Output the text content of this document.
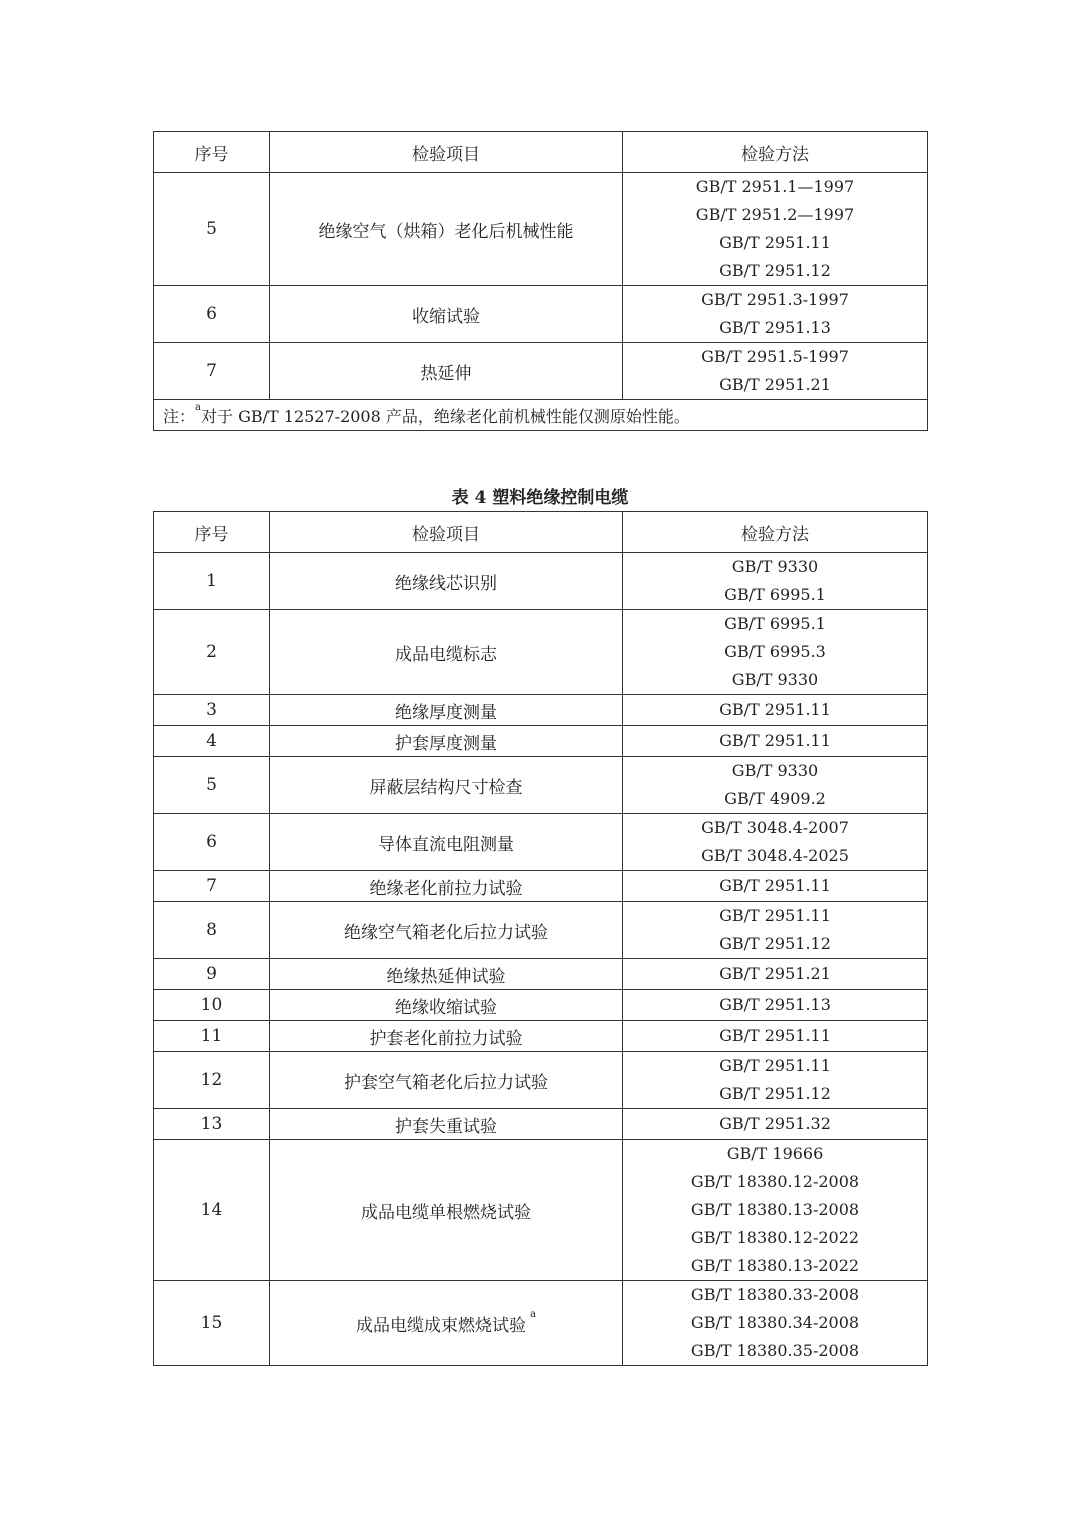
序号	检验项目	检验方法
5	绝缘空气（烘箱）老化后机械性能	GB/T 2951.1—1997
GB/T 2951.2—1997
GB/T 2951.11
GB/T 2951.12

6	收缩试验	GB/T 2951.3-1997
GB/T 2951.13

7	热延伸	GB/T 2951.5-1997
GB/T 2951.21

注：$^a$对于 GB/T 12527-2008 产品，绝缘老化前机械性能仅测原始性能。		
表 4 塑料绝缘控制电缆
序号	检验项目	检验方法
1	绝缘线芯识别	GB/T 9330
GB/T 6995.1

2	成品电缆标志	GB/T 6995.1
GB/T 6995.3
GB/T 9330

3	绝缘厚度测量	GB/T 2951.11

4	护套厚度测量	GB/T 2951.11

5	屏蔽层结构尺寸检查	GB/T 9330
GB/T 4909.2

6	导体直流电阻测量	GB/T 3048.4-2007
GB/T 3048.4-2025

7	绝缘老化前拉力试验	GB/T 2951.11

8	绝缘空气箱老化后拉力试验	GB/T 2951.11
GB/T 2951.12

9	绝缘热延伸试验	GB/T 2951.21

10	绝缘收缩试验	GB/T 2951.13

11	护套老化前拉力试验	GB/T 2951.11

12	护套空气箱老化后拉力试验	GB/T 2951.11
GB/T 2951.12

13	护套失重试验	GB/T 2951.32

14	成品电缆单根燃烧试验	GB/T 19666
GB/T 18380.12-2008
GB/T 18380.13-2008
GB/T 18380.12-2022
GB/T 18380.13-2022

15	成品电缆成束燃烧试验$^a$	GB/T 18380.33-2008
GB/T 18380.34-2008
GB/T 18380.35-2008
